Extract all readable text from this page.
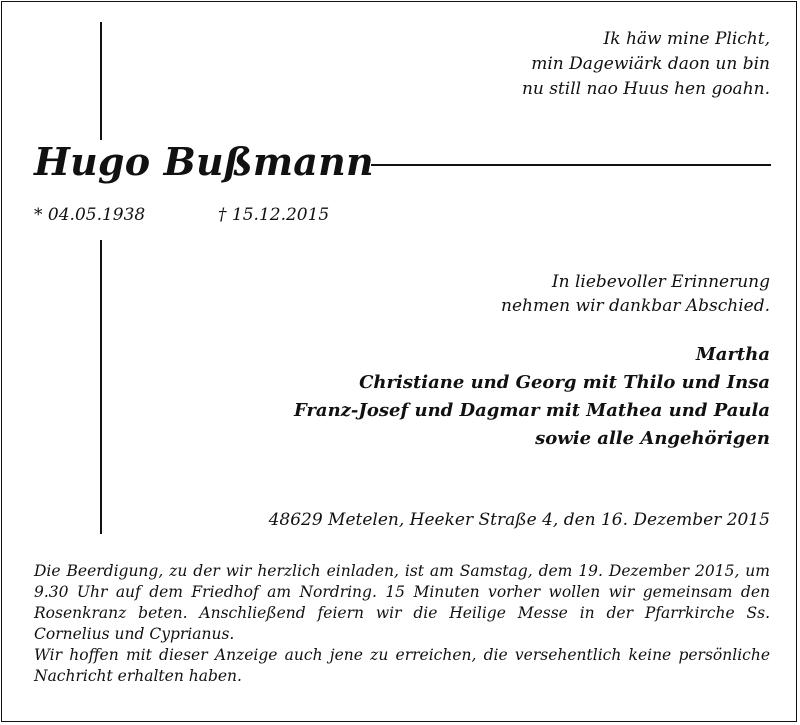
Ik häw mine Plicht,
min Dagewiärk daon un bin
nu still nao Huus hen goahn.
Hugo Bußmann
* 04.05.1938	† 15.12.2015
In liebevoller Erinnerung
nehmen wir dankbar Abschied.
Martha
Christiane und Georg mit Thilo und Insa
Franz-Josef und Dagmar mit Mathea und Paula
sowie alle Angehörigen
48629 Metelen, Heeker Straße 4, den 16. Dezember 2015

Die Beerdigung, zu der wir herzlich einladen, ist am Samstag, dem 19. Dezember 2015, um 9.30 Uhr auf dem Friedhof am Nordring. 15 Minuten vorher wollen wir gemeinsam den Rosenkranz beten. Anschließend feiern wir die Heilige Messe in der Pfarrkirche Ss. Cornelius und Cyprianus.

Wir hoffen mit dieser Anzeige auch jene zu erreichen, die versehentlich keine persönliche Nachricht erhalten haben.
